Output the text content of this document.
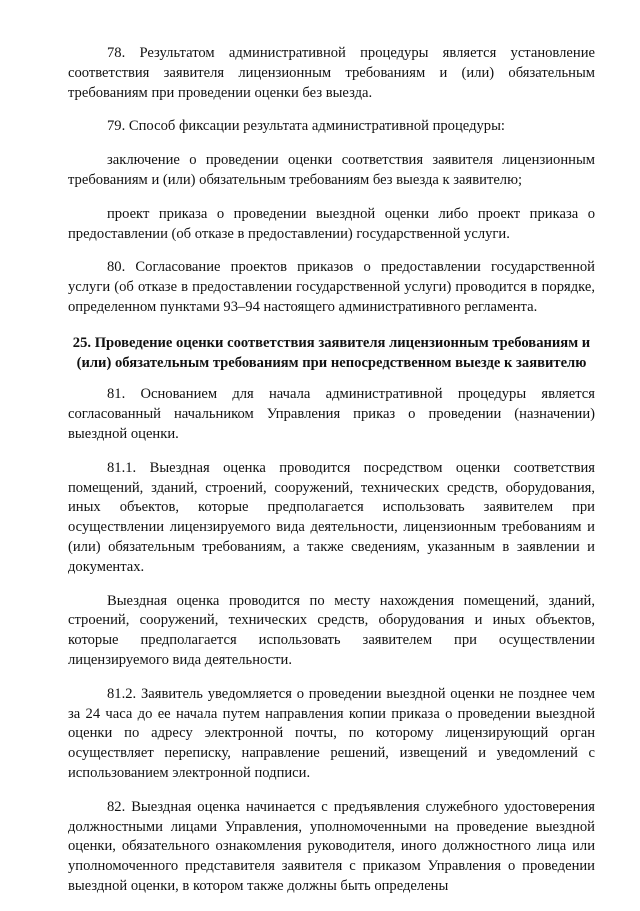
78. Результатом административной процедуры является установление соответствия заявителя лицензионным требованиям и (или) обязательным требованиям при проведении оценки без выезда.

79. Способ фиксации результата административной процедуры:

заключение о проведении оценки соответствия заявителя лицензионным требованиям и (или) обязательным требованиям без выезда к заявителю;

проект приказа о проведении выездной оценки либо проект приказа о предоставлении (об отказе в предоставлении) государственной услуги.

80. Согласование проектов приказов о предоставлении государственной услуги (об отказе в предоставлении государственной услуги) проводится в порядке, определенном пунктами 93–94 настоящего административного регламента.

25. Проведение оценки соответствия заявителя лицензионным требованиям и (или) обязательным требованиям при непосредственном выезде к заявителю

81. Основанием для начала административной процедуры является согласованный начальником Управления приказ о проведении (назначении) выездной оценки.

81.1. Выездная оценка проводится посредством оценки соответствия помещений, зданий, строений, сооружений, технических средств, оборудования, иных объектов, которые предполагается использовать заявителем при осуществлении лицензируемого вида деятельности, лицензионным требованиям и (или) обязательным требованиям, а также сведениям, указанным в заявлении и документах.

Выездная оценка проводится по месту нахождения помещений, зданий, строений, сооружений, технических средств, оборудования и иных объектов, которые предполагается использовать заявителем при осуществлении лицензируемого вида деятельности.

81.2. Заявитель уведомляется о проведении выездной оценки не позднее чем за 24 часа до ее начала путем направления копии приказа о проведении выездной оценки по адресу электронной почты, по которому лицензирующий орган осуществляет переписку, направление решений, извещений и уведомлений с использованием электронной подписи.

82. Выездная оценка начинается с предъявления служебного удостоверения должностными лицами Управления, уполномоченными на проведение выездной оценки, обязательного ознакомления руководителя, иного должностного лица или уполномоченного представителя заявителя с приказом Управления о проведении выездной оценки, в котором также должны быть определены
